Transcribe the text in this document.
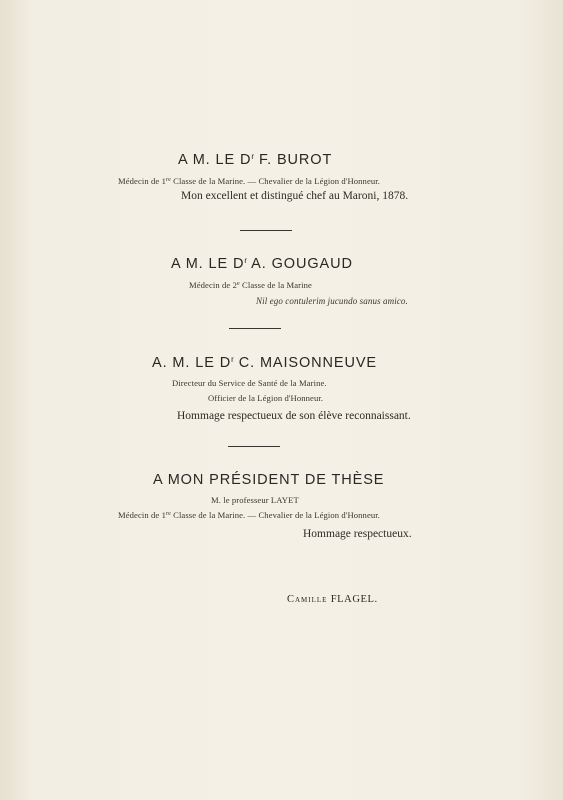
A M. LE $D^r$ F. BUROT
Médecin de 1re Classe de la Marine. — Chevalier de la Légion d'Honneur.
Mon excellent et distingué chef au Maroni, 1878.
A M. LE $D^r$ A. GOUGAUD
Médecin de 2e Classe de la Marine
Nil ego contulerim jucundo sanus amico.
A. M. LE $D^r$ C. MAISONNEUVE
Directeur du Service de Santé de la Marine.
Officier de la Légion d'Honneur.
Hommage respectueux de son élève reconnaissant.
A MON PRÉSIDENT DE THÈSE
M. le professeur LAYET
Médecin de 1re Classe de la Marine. — Chevalier de la Légion d'Honneur.
Hommage respectueux.
Camille FLAGEL.
